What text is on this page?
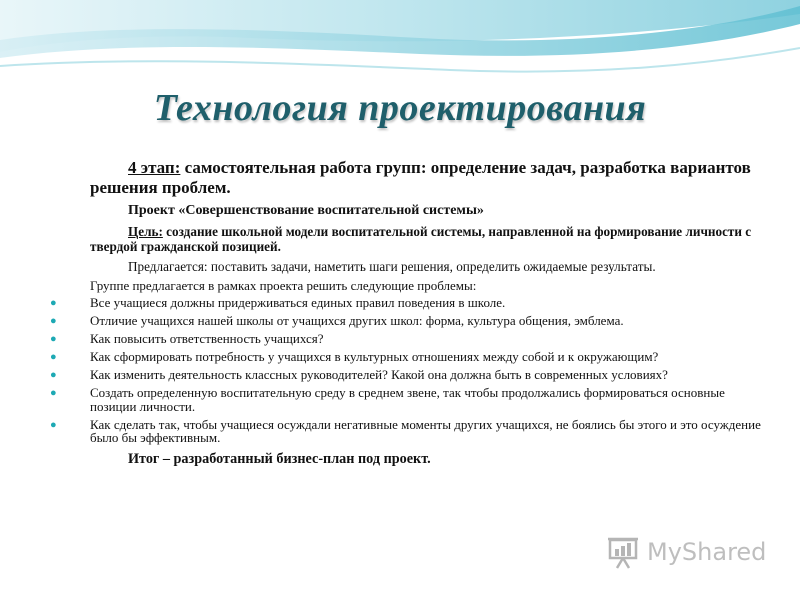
Технология проектирования

4 этап: самостоятельная работа групп: определение задач, разработка вариантов решения проблем.

Проект «Совершенствование воспитательной системы»

Цель: создание школьной модели воспитательной системы, направленной на формирование личности с твердой гражданской позицией.

Предлагается: поставить задачи, наметить шаги решения, определить ожидаемые результаты.

Группе предлагается в рамках проекта решить следующие проблемы:

●	Все учащиеся должны придерживаться единых правил поведения в школе.
●	Отличие учащихся нашей школы от учащихся других школ: форма, культура общения, эмблема.
●	Как повысить ответственность учащихся?
●	Как сформировать потребность у учащихся в культурных отношениях между собой и к окружающим?
●	Как изменить деятельность классных руководителей? Какой она должна быть в современных условиях?
●	Создать определенную воспитательную среду в среднем звене, так чтобы продолжались формироваться основные позиции личности.
●	Как сделать так, чтобы учащиеся осуждали негативные моменты других учащихся, не боялись бы этого и это осуждение было бы эффективным.

Итог – разработанный бизнес-план под проект.

MyShared
